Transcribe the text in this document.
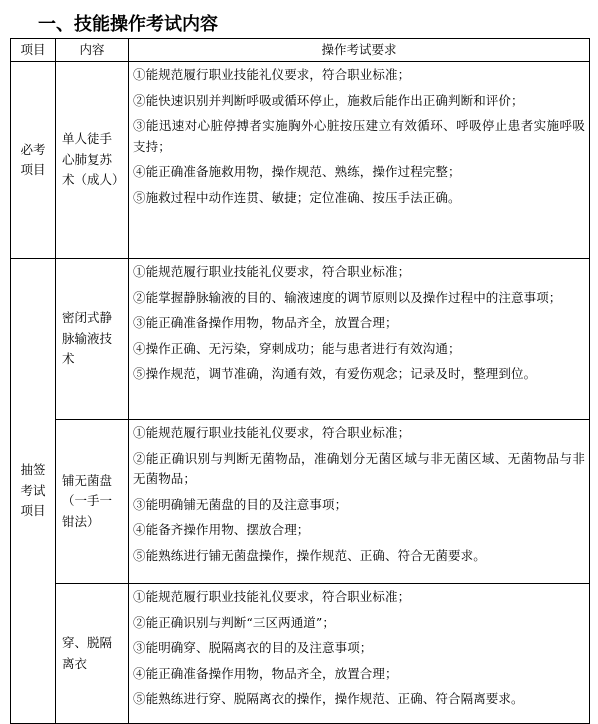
一、技能操作考试内容
项目	内容	操作考试要求
必考项目	单人徒手心肺复苏术（成人）	①能规范履行职业技能礼仪要求，符合职业标准；
②能快速识别并判断呼吸或循环停止，施救后能作出正确判断和评价；
③能迅速对心脏停搏者实施胸外心脏按压建立有效循环、呼吸停止患者实施呼吸支持；
④能正确准备施救用物，操作规范、熟练，操作过程完整；
⑤施救过程中动作连贯、敏捷；定位准确、按压手法正确。

抽签考试项目	密闭式静脉输液技术	①能规范履行职业技能礼仪要求，符合职业标准；
②能掌握静脉输液的目的、输液速度的调节原则以及操作过程中的注意事项；
③能正确准备操作用物，物品齐全，放置合理；
④操作正确、无污染，穿刺成功；能与患者进行有效沟通；
⑤操作规范，调节准确，沟通有效，有爱伤观念；记录及时，整理到位。

	铺无菌盘（一手一钳法）	①能规范履行职业技能礼仪要求，符合职业标准；
②能正确识别与判断无菌物品，准确划分无菌区域与非无菌区域、无菌物品与非无菌物品；
③能明确铺无菌盘的目的及注意事项；
④能备齐操作用物、摆放合理；
⑤能熟练进行铺无菌盘操作，操作规范、正确、符合无菌要求。

	穿、脱隔离衣	①能规范履行职业技能礼仪要求，符合职业标准；
②能正确识别与判断“三区两通道”；
③能明确穿、脱隔离衣的目的及注意事项；
④能正确准备操作用物，物品齐全，放置合理；
⑤能熟练进行穿、脱隔离衣的操作，操作规范、正确、符合隔离要求。
